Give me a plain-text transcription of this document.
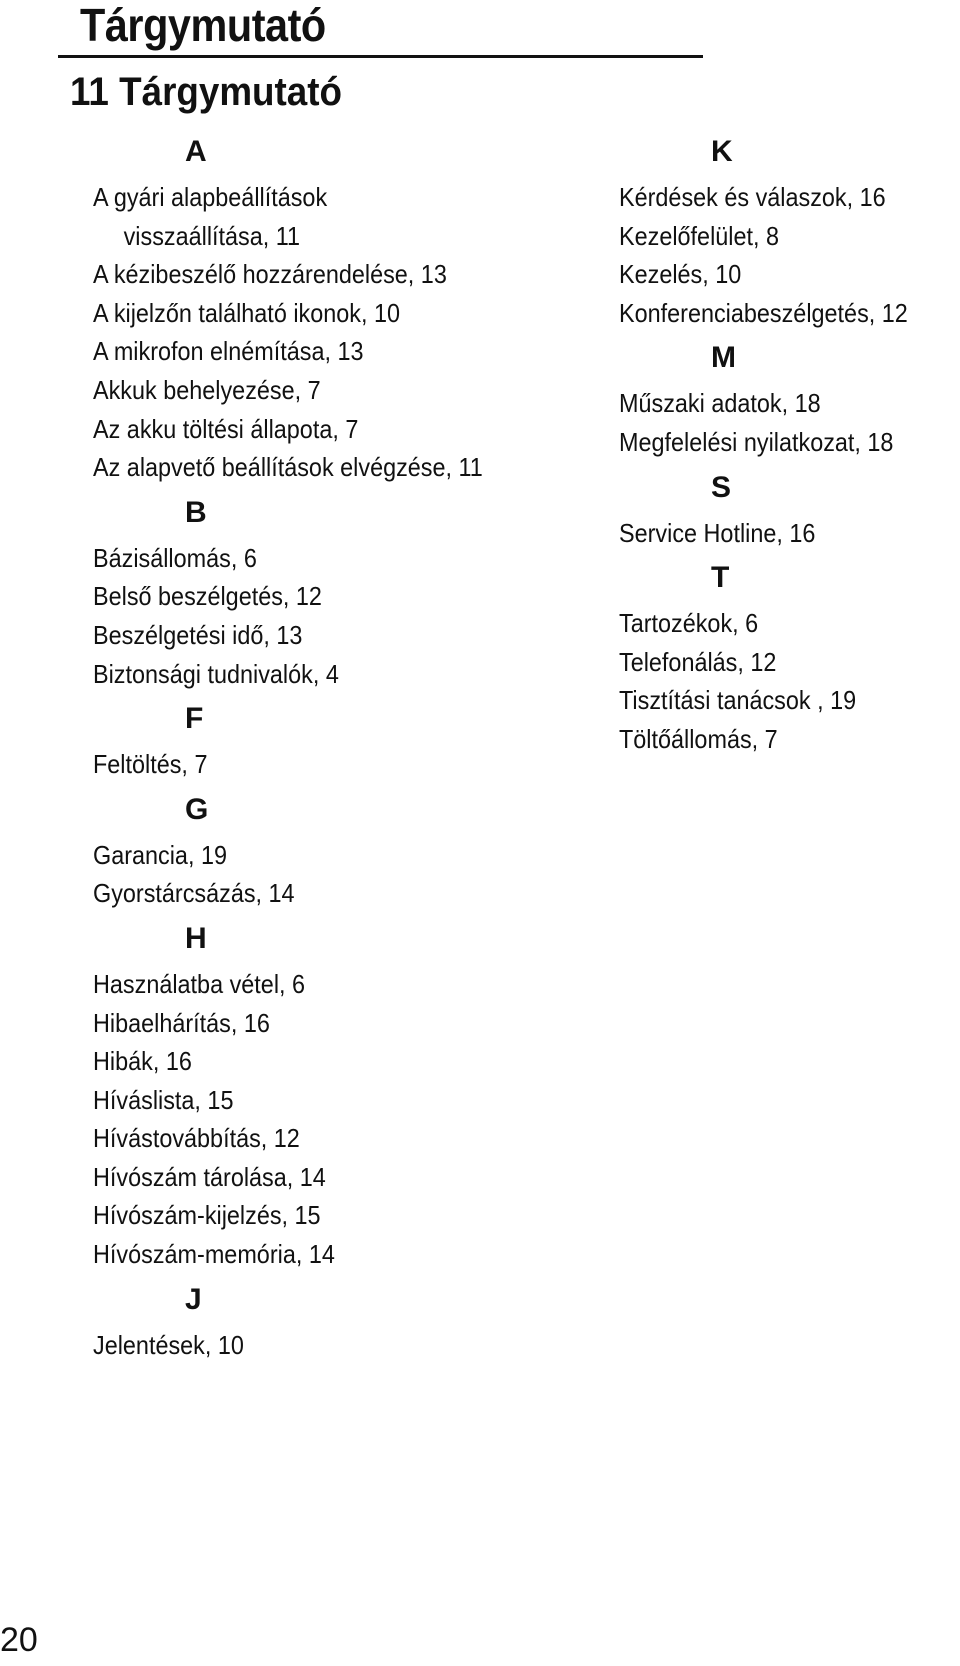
Tárgymutató
11 Tárgymutató
A
A gyári alapbeállítások visszaállítása, 11
A kézibeszélő hozzárendelése, 13
A kijelzőn található ikonok, 10
A mikrofon elnémítása, 13
Akkuk behelyezése, 7
Az akku töltési állapota, 7
Az alapvető beállítások elvégzése, 11
B
Bázisállomás, 6
Belső beszélgetés, 12
Beszélgetési idő, 13
Biztonsági tudnivalók, 4
F
Feltöltés, 7
G
Garancia, 19
Gyorstárcsázás, 14
H
Használatba vétel, 6
Hibaelhárítás, 16
Hibák, 16
Híváslista, 15
Hívástovábbítás, 12
Hívószám tárolása, 14
Hívószám-kijelzés, 15
Hívószám-memória, 14
J
Jelentések, 10
K
Kérdések és válaszok, 16
Kezelőfelület, 8
Kezelés, 10
Konferenciabeszélgetés, 12
M
Műszaki adatok, 18
Megfelelési nyilatkozat, 18
S
Service Hotline, 16
T
Tartozékok, 6
Telefonálás, 12
Tisztítási tanácsok , 19
Töltőállomás, 7
20
